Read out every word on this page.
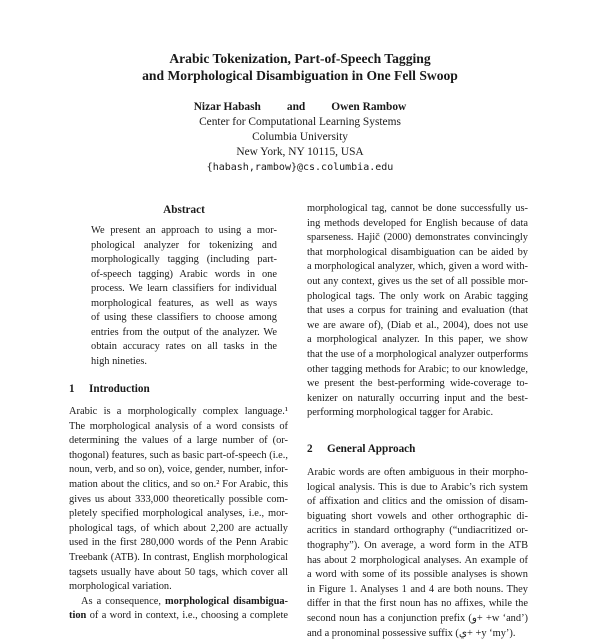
Arabic Tokenization, Part-of-Speech Tagging
and Morphological Disambiguation in One Fell Swoop
Nizar Habash and Owen Rambow
Center for Computational Learning Systems
Columbia University
New York, NY 10115, USA
{habash,rambow}@cs.columbia.edu
Abstract
We present an approach to using a mor-
phological analyzer for tokenizing and
morphologically tagging (including part-
of-speech tagging) Arabic words in one
process. We learn classifiers for individual
morphological features, as well as ways
of using these classifiers to choose among
entries from the output of the analyzer. We
obtain accuracy rates on all tasks in the
high nineties.
1 Introduction
Arabic is a morphologically complex language.¹
The morphological analysis of a word consists of
determining the values of a large number of (or-
thogonal) features, such as basic part-of-speech (i.e.,
noun, verb, and so on), voice, gender, number, infor-
mation about the clitics, and so on.² For Arabic, this
gives us about 333,000 theoretically possible com-
pletely specified morphological analyses, i.e., mor-
phological tags, of which about 2,200 are actually
used in the first 280,000 words of the Penn Arabic
Treebank (ATB). In contrast, English morphological
tagsets usually have about 50 tags, which cover all
morphological variation.
As a consequence, morphological disambigua-
tion of a word in context, i.e., choosing a complete
morphological tag, cannot be done successfully us-
ing methods developed for English because of data
sparseness. Hajič (2000) demonstrates convincingly
that morphological disambiguation can be aided by
a morphological analyzer, which, given a word with-
out any context, gives us the set of all possible mor-
phological tags. The only work on Arabic tagging
that uses a corpus for training and evaluation (that
we are aware of), (Diab et al., 2004), does not use
a morphological analyzer. In this paper, we show
that the use of a morphological analyzer outperforms
other tagging methods for Arabic; to our knowledge,
we present the best-performing wide-coverage to-
kenizer on naturally occurring input and the best-
performing morphological tagger for Arabic.
2 General Approach
Arabic words are often ambiguous in their morpho-
logical analysis. This is due to Arabic’s rich system
of affixation and clitics and the omission of disam-
biguating short vowels and other orthographic di-
acritics in standard orthography (“undiacritized or-
thography”). On average, a word form in the ATB
has about 2 morphological analyses. An example of
a word with some of its possible analyses is shown
in Figure 1. Analyses 1 and 4 are both nouns. They
differ in that the first noun has no affixes, while the
second noun has a conjunction prefix (و+ +w ‘and’)
and a pronominal possessive suffix (ي+ +y ‘my’).
